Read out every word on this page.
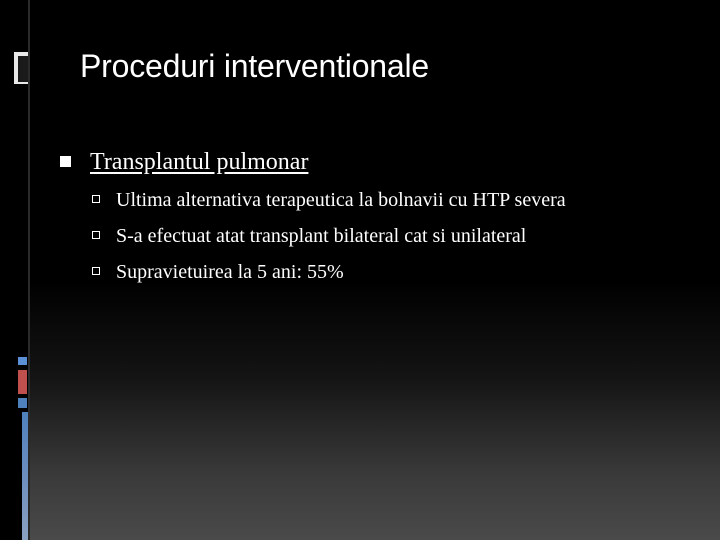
Proceduri interventionale
Transplantul pulmonar
Ultima alternativa terapeutica la bolnavii cu HTP severa
S-a efectuat atat transplant bilateral cat si unilateral
Supravietuirea la 5 ani: 55%
